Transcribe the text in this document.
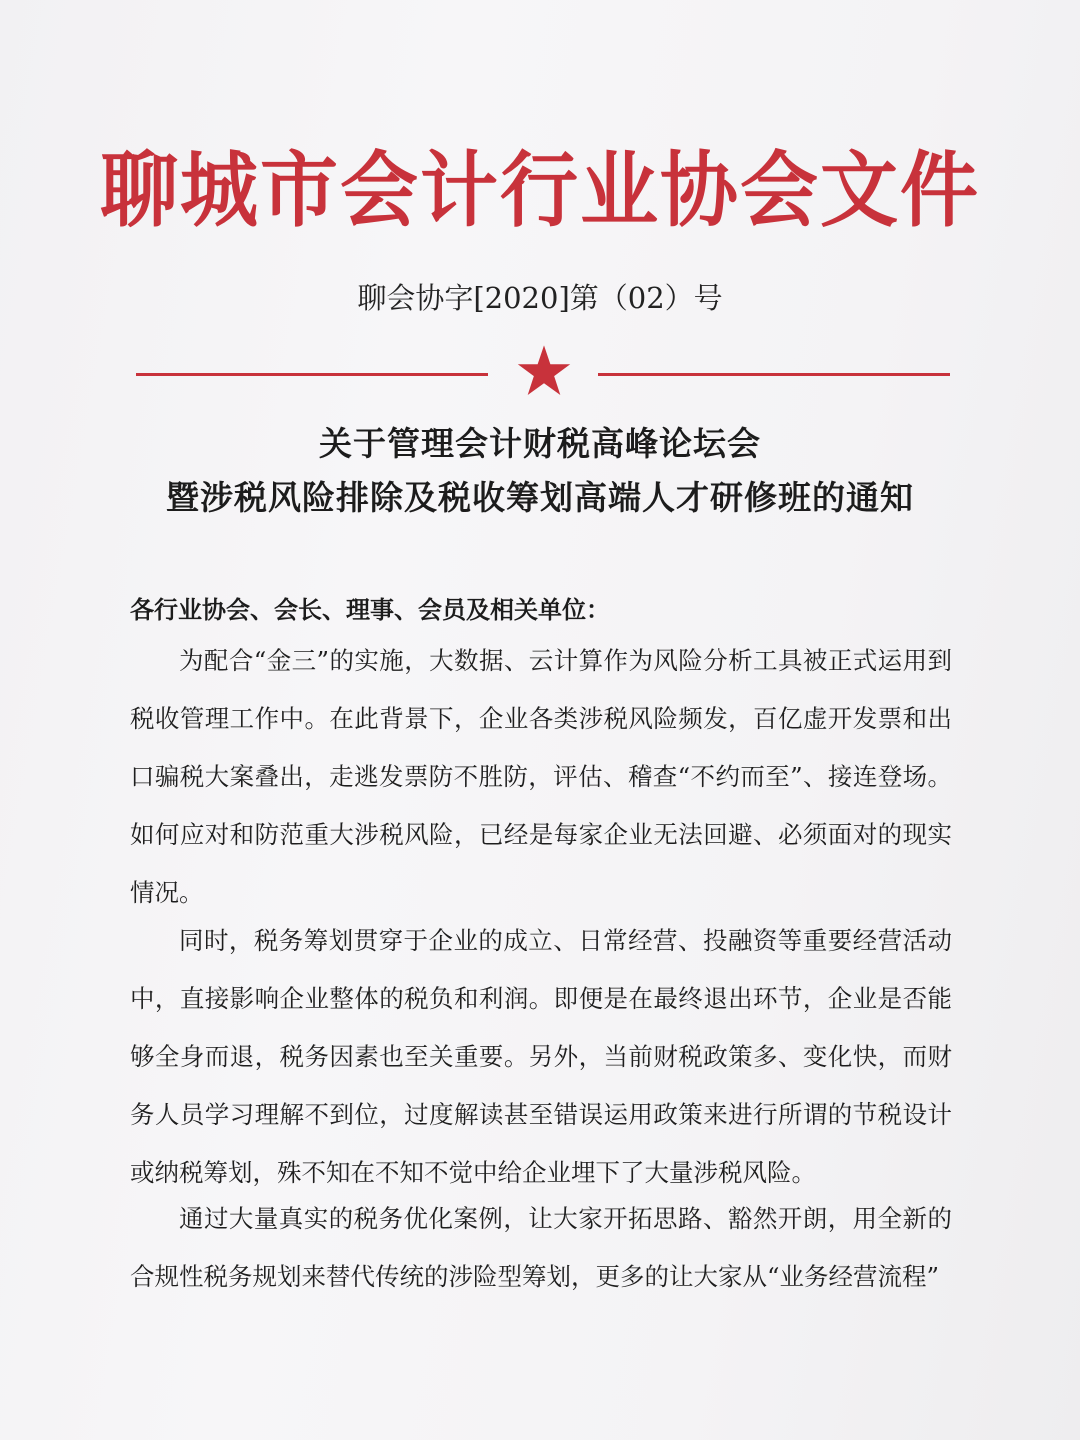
聊城市会计行业协会文件
聊会协字[2020]第（02）号
关于管理会计财税高峰论坛会
暨涉税风险排除及税收筹划高端人才研修班的通知
各行业协会、会长、理事、会员及相关单位：

为配合“金三”的实施，大数据、云计算作为风险分析工具被正式运用到税收管理工作中。在此背景下，企业各类涉税风险频发，百亿虚开发票和出口骗税大案叠出，走逃发票防不胜防，评估、稽查“不约而至”、接连登场。如何应对和防范重大涉税风险，已经是每家企业无法回避、必须面对的现实情况。

同时，税务筹划贯穿于企业的成立、日常经营、投融资等重要经营活动中，直接影响企业整体的税负和利润。即便是在最终退出环节，企业是否能够全身而退，税务因素也至关重要。另外，当前财税政策多、变化快，而财务人员学习理解不到位，过度解读甚至错误运用政策来进行所谓的节税设计或纳税筹划，殊不知在不知不觉中给企业埋下了大量涉税风险。

通过大量真实的税务优化案例，让大家开拓思路、豁然开朗，用全新的合规性税务规划来替代传统的涉险型筹划，更多的让大家从“业务经营流程”
